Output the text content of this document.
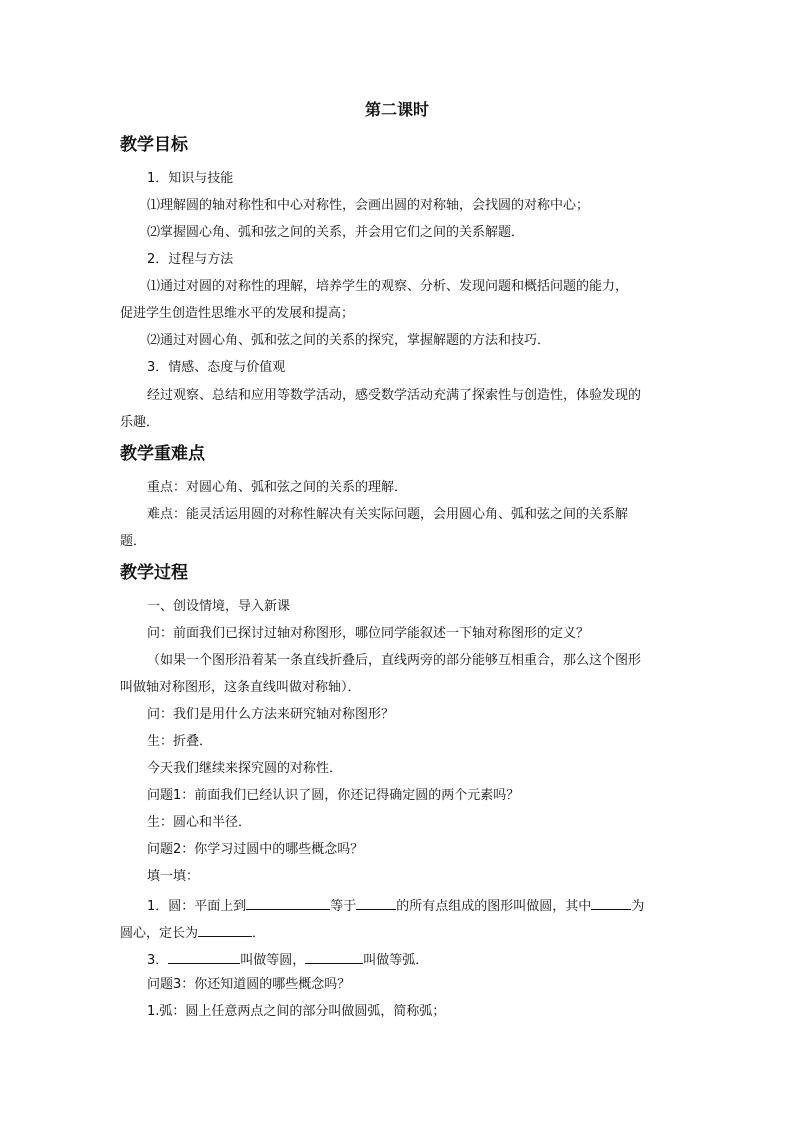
第二课时
教学目标
1．知识与技能
⑴理解圆的轴对称性和中心对称性，会画出圆的对称轴，会找圆的对称中心；
⑵掌握圆心角、弧和弦之间的关系，并会用它们之间的关系解题．
2．过程与方法
⑴通过对圆的对称性的理解，培养学生的观察、分析、发现问题和概括问题的能力，
促进学生创造性思维水平的发展和提高；
⑵通过对圆心角、弧和弦之间的关系的探究，掌握解题的方法和技巧．
3．情感、态度与价值观
经过观察、总结和应用等数学活动，感受数学活动充满了探索性与创造性，体验发现的
乐趣．
教学重难点
重点：对圆心角、弧和弦之间的关系的理解．
难点：能灵活运用圆的对称性解决有关实际问题，会用圆心角、弧和弦之间的关系解
题．
教学过程
一、创设情境，导入新课
问：前面我们已探讨过轴对称图形，哪位同学能叙述一下轴对称图形的定义？
（如果一个图形沿着某一条直线折叠后，直线两旁的部分能够互相重合，那么这个图形
叫做轴对称图形，这条直线叫做对称轴）．
问：我们是用什么方法来研究轴对称图形？
生：折叠．
今天我们继续来探究圆的对称性．
问题1：前面我们已经认识了圆，你还记得确定圆的两个元素吗？
生：圆心和半径．
问题2：你学习过圆中的哪些概念吗？
填一填：
1．圆：平面上到	等于	的所有点组成的图形叫做圆，其中	为
圆心，定长为	．
3．	叫做等圆，	叫做等弧．
问题3：你还知道圆的哪些概念吗？
1.弧：圆上任意两点之间的部分叫做圆弧，简称弧；
